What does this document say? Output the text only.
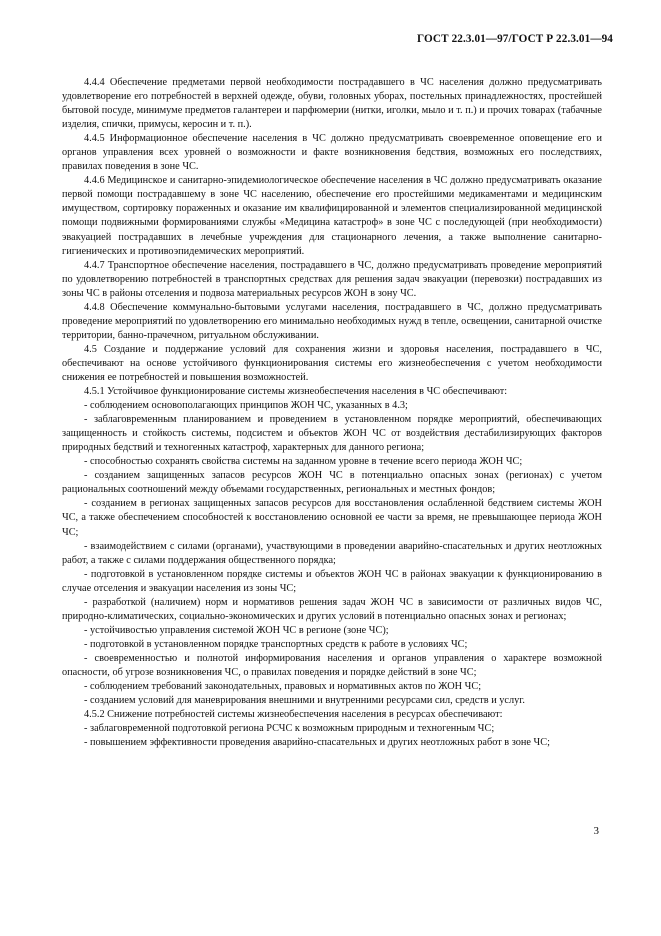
ГОСТ 22.3.01—97/ГОСТ Р 22.3.01—94

4.4.4 Обеспечение предметами первой необходимости пострадавшего в ЧС населения должно предусматривать удовлетворение его потребностей в верхней одежде, обуви, головных уборах, постельных принадлежностях, простейшей бытовой посуде, минимуме предметов галантереи и парфюмерии (нитки, иголки, мыло и т. п.) и прочих товарах (табачные изделия, спички, примусы, керосин и т. п.).

4.4.5 Информационное обеспечение населения в ЧС должно предусматривать своевременное оповещение его и органов управления всех уровней о возможности и факте возникновения бедствия, возможных его последствиях, правилах поведения в зоне ЧС.

4.4.6 Медицинское и санитарно-эпидемиологическое обеспечение населения в ЧС должно предусматривать оказание первой помощи пострадавшему в зоне ЧС населению, обеспечение его простейшими медикаментами и медицинским имуществом, сортировку пораженных и оказание им квалифицированной и элементов специализированной медицинской помощи подвижными формированиями службы «Медицина катастроф» в зоне ЧС с последующей (при необходимости) эвакуацией пострадавших в лечебные учреждения для стационарного лечения, а также выполнение санитарно-гигиенических и противоэпидемических мероприятий.

4.4.7 Транспортное обеспечение населения, пострадавшего в ЧС, должно предусматривать проведение мероприятий по удовлетворению потребностей в транспортных средствах для решения задач эвакуации (перевозки) пострадавших из зоны ЧС в районы отселения и подвоза материальных ресурсов ЖОН в зону ЧС.

4.4.8 Обеспечение коммунально-бытовыми услугами населения, пострадавшего в ЧС, должно предусматривать проведение мероприятий по удовлетворению его минимально необходимых нужд в тепле, освещении, санитарной очистке территории, банно-прачечном, ритуальном обслуживании.

4.5 Создание и поддержание условий для сохранения жизни и здоровья населения, пострадавшего в ЧС, обеспечивают на основе устойчивого функционирования системы его жизнеобеспечения с учетом необходимости снижения ее потребностей и повышения возможностей.

4.5.1 Устойчивое функционирование системы жизнеобеспечения населения в ЧС обеспечивают:

- соблюдением основополагающих принципов ЖОН ЧС, указанных в 4.3;

- заблаговременным планированием и проведением в установленном порядке мероприятий, обеспечивающих защищенность и стойкость системы, подсистем и объектов ЖОН ЧС от воздействия дестабилизирующих факторов природных бедствий и техногенных катастроф, характерных для данного региона;

- способностью сохранять свойства системы на заданном уровне в течение всего периода ЖОН ЧС;

- созданием защищенных запасов ресурсов ЖОН ЧС в потенциально опасных зонах (регионах) с учетом рациональных соотношений между объемами государственных, региональных и местных фондов;

- созданием в регионах защищенных запасов ресурсов для восстановления ослабленной бедствием системы ЖОН ЧС, а также обеспечением способностей к восстановлению основной ее части за время, не превышающее периода ЖОН ЧС;

- взаимодействием с силами (органами), участвующими в проведении аварийно-спасательных и других неотложных работ, а также с силами поддержания общественного порядка;

- подготовкой в установленном порядке системы и объектов ЖОН ЧС в районах эвакуации к функционированию в случае отселения и эвакуации населения из зоны ЧС;

- разработкой (наличием) норм и нормативов решения задач ЖОН ЧС в зависимости от различных видов ЧС, природно-климатических, социально-экономических и других условий в потенциально опасных зонах и регионах;

- устойчивостью управления системой ЖОН ЧС в регионе (зоне ЧС);

- подготовкой в установленном порядке транспортных средств к работе в условиях ЧС;

- своевременностью и полнотой информирования населения и органов управления о характере возможной опасности, об угрозе возникновения ЧС, о правилах поведения и порядке действий в зоне ЧС;

- соблюдением требований законодательных, правовых и нормативных актов по ЖОН ЧС;

- созданием условий для маневрирования внешними и внутренними ресурсами сил, средств и услуг.

4.5.2 Снижение потребностей системы жизнеобеспечения населения в ресурсах обеспечивают:

- заблаговременной подготовкой региона РСЧС к возможным природным и техногенным ЧС;

- повышением эффективности проведения аварийно-спасательных и других неотложных работ в зоне ЧС;

3
